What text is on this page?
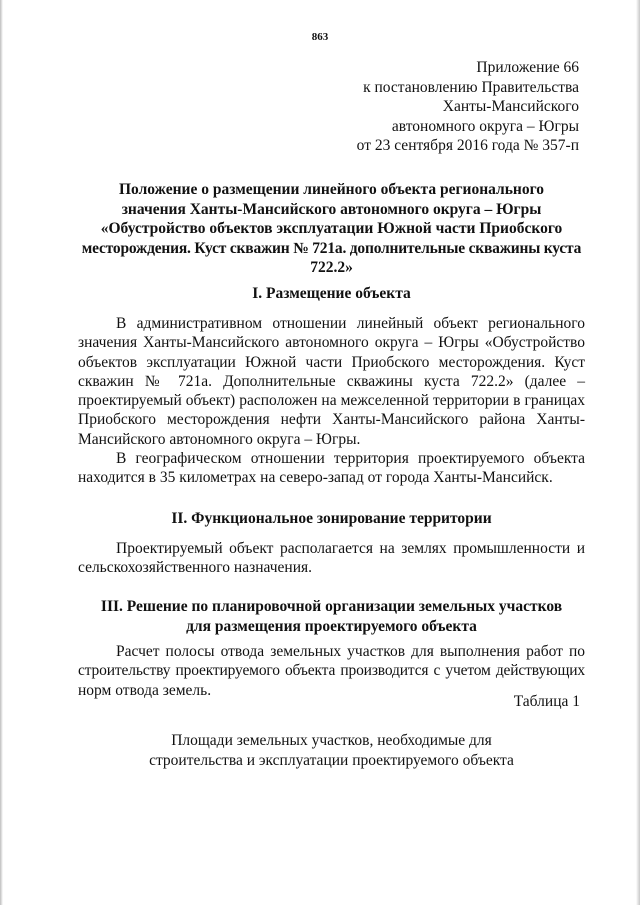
863
Приложение 66
к постановлению Правительства
Ханты-Мансийского
автономного округа – Югры
от 23 сентября 2016 года № 357-п
Положение о размещении линейного объекта регионального
значения Ханты-Мансийского автономного округа – Югры
«Обустройство объектов эксплуатации Южной части Приобского
месторождения. Куст скважин № 721а. дополнительные скважины куста
722.2»
I. Размещение объекта
В административном отношении линейный объект регионального
значения Ханты-Мансийского автономного округа – Югры «Обустройство
объектов эксплуатации Южной части Приобского месторождения. Куст
скважин № 721а. Дополнительные скважины куста 722.2» (далее –
проектируемый объект) расположен на межселенной территории в границах
Приобского месторождения нефти Ханты-Мансийского района Ханты-
Мансийского автономного округа – Югры.
В географическом отношении территория проектируемого объекта
находится в 35 километрах на северо-запад от города Ханты-Мансийск.
II. Функциональное зонирование территории
Проектируемый объект располагается на землях промышленности и
сельскохозяйственного назначения.
III. Решение по планировочной организации земельных участков
для размещения проектируемого объекта
Расчет полосы отвода земельных участков для выполнения работ по
строительству проектируемого объекта производится с учетом действующих
норм отвода земель.
Таблица 1
Площади земельных участков, необходимые для
строительства и эксплуатации проектируемого объекта
